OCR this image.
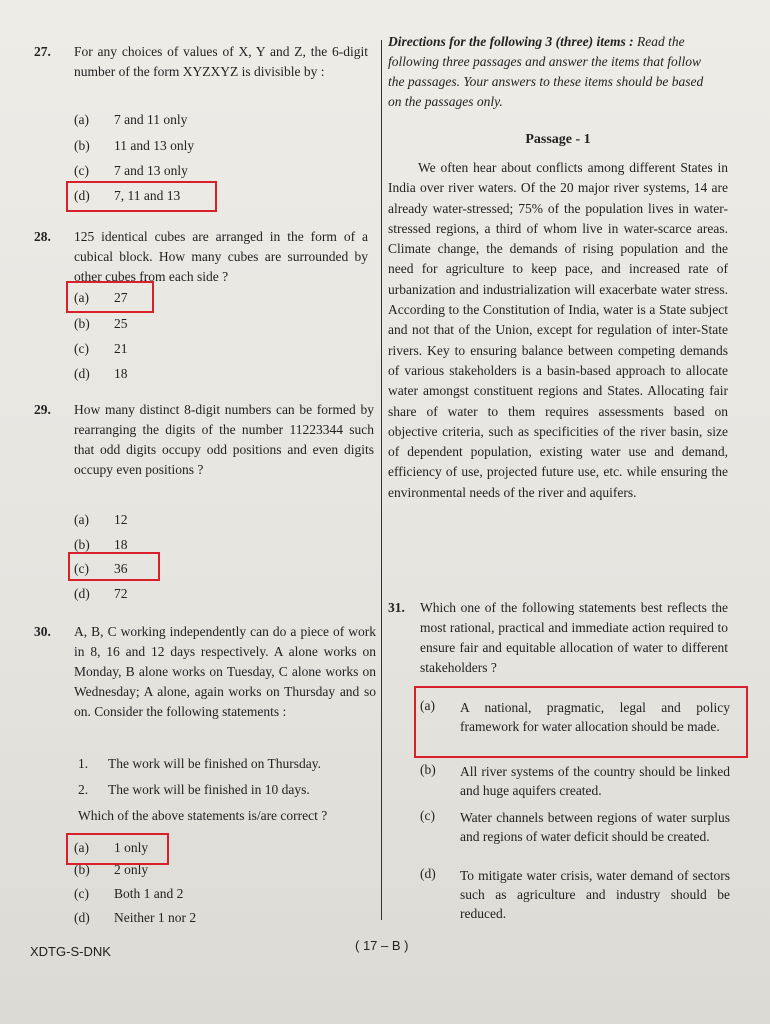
27. For any choices of values of X, Y and Z, the 6-digit number of the form XYZXYZ is divisible by :
(a) 7 and 11 only
(b) 11 and 13 only
(c) 7 and 13 only
(d) 7, 11 and 13
28. 125 identical cubes are arranged in the form of a cubical block. How many cubes are surrounded by other cubes from each side ?
(a) 27
(b) 25
(c) 21
(d) 18
29. How many distinct 8-digit numbers can be formed by rearranging the digits of the number 11223344 such that odd digits occupy odd positions and even digits occupy even positions ?
(a) 12
(b) 18
(c) 36
(d) 72
30. A, B, C working independently can do a piece of work in 8, 16 and 12 days respectively. A alone works on Monday, B alone works on Tuesday, C alone works on Wednesday; A alone, again works on Thursday and so on. Consider the following statements :
1. The work will be finished on Thursday.
2. The work will be finished in 10 days.
Which of the above statements is/are correct ?
(a) 1 only
(b) 2 only
(c) Both 1 and 2
(d) Neither 1 nor 2
Directions for the following 3 (three) items : Read the following three passages and answer the items that follow the passages. Your answers to these items should be based on the passages only.
Passage - 1
We often hear about conflicts among different States in India over river waters. Of the 20 major river systems, 14 are already water-stressed; 75% of the population lives in water-stressed regions, a third of whom live in water-scarce areas. Climate change, the demands of rising population and the need for agriculture to keep pace, and increased rate of urbanization and industrialization will exacerbate water stress. According to the Constitution of India, water is a State subject and not that of the Union, except for regulation of inter-State rivers. Key to ensuring balance between competing demands of various stakeholders is a basin-based approach to allocate water amongst constituent regions and States. Allocating fair share of water to them requires assessments based on objective criteria, such as specificities of the river basin, size of dependent population, existing water use and demand, efficiency of use, projected future use, etc. while ensuring the environmental needs of the river and aquifers.
31. Which one of the following statements best reflects the most rational, practical and immediate action required to ensure fair and equitable allocation of water to different stakeholders ?
(a) A national, pragmatic, legal and policy framework for water allocation should be made.
(b) All river systems of the country should be linked and huge aquifers created.
(c) Water channels between regions of water surplus and regions of water deficit should be created.
(d) To mitigate water crisis, water demand of sectors such as agriculture and industry should be reduced.
XDTG-S-DNK	( 17 – B )
